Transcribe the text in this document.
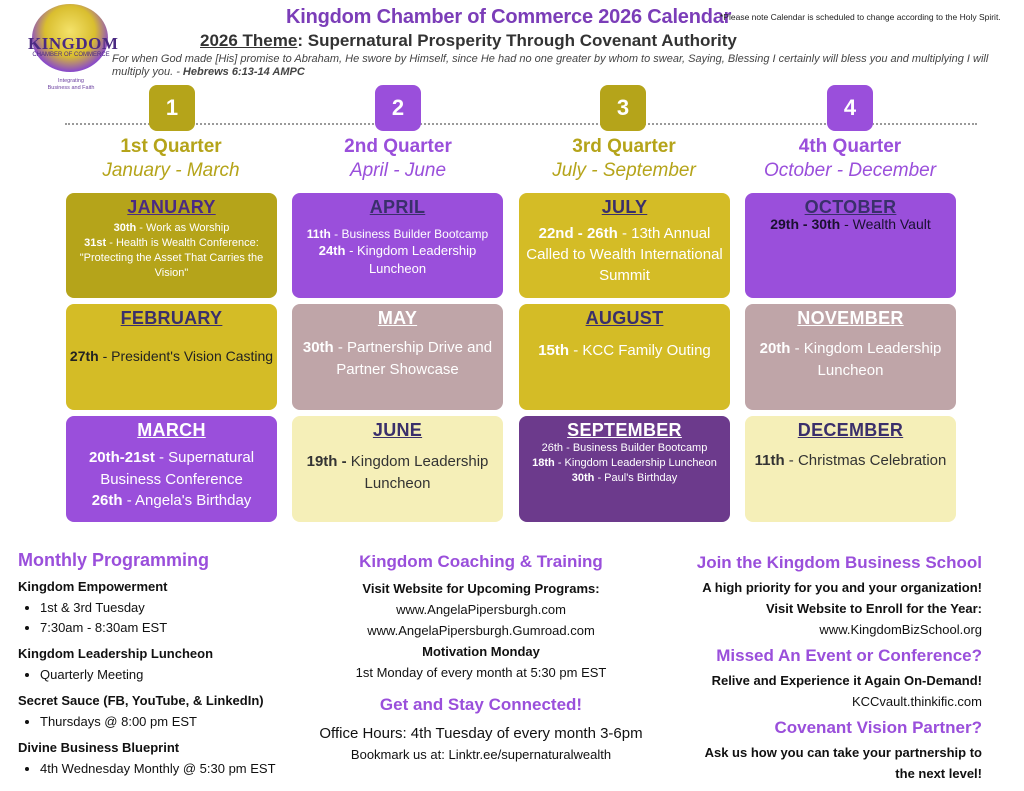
KINGDOM
CHAMBER OF COMMERCE
Integrating
Business and Faith
Kingdom Chamber of Commerce 2026 Calendar
*Please note Calendar is scheduled to change according to the Holy Spirit.
2026 Theme: Supernatural Prosperity Through Covenant Authority
For when God made [His] promise to Abraham, He swore by Himself, since He had no one greater by whom to swear, Saying, Blessing I certainly will bless you and multiplying I will multiply you. - Hebrews 6:13-14 AMPC
1	2	3	4
1st Quarter	2nd Quarter	3rd Quarter	4th Quarter
January - March	April - June	July - September	October - December
JANUARY
30th - Work as Worship
31st - Health is Wealth Conference: "Protecting the Asset That Carries the Vision"
APRIL
11th - Business Builder Bootcamp
24th - Kingdom Leadership Luncheon
JULY
22nd - 26th - 13th Annual Called to Wealth International Summit
OCTOBER
29th - 30th - Wealth Vault
FEBRUARY
27th - President's Vision Casting
MAY
30th - Partnership Drive and Partner Showcase
AUGUST
15th - KCC Family Outing
NOVEMBER
20th - Kingdom Leadership Luncheon
MARCH
20th-21st - Supernatural Business Conference
26th - Angela's Birthday
JUNE
19th - Kingdom Leadership Luncheon
SEPTEMBER
26th - Business Builder Bootcamp
18th - Kingdom Leadership Luncheon
30th - Paul's Birthday
DECEMBER
11th - Christmas Celebration
Monthly Programming
Kingdom Empowerment
• 1st & 3rd Tuesday
• 7:30am - 8:30am EST
Kingdom Leadership Luncheon
• Quarterly Meeting
Secret Sauce (FB, YouTube, & LinkedIn)
• Thursdays @ 8:00 pm EST
Divine Business Blueprint
• 4th Wednesday Monthly @ 5:30 pm EST
Kingdom Coaching & Training
Visit Website for Upcoming Programs:
www.AngelaPipersburgh.com
www.AngelaPipersburgh.Gumroad.com
Motivation Monday
1st Monday of every month at 5:30 pm EST
Get and Stay Connected!
Office Hours: 4th Tuesday of every month 3-6pm
Bookmark us at: Linktr.ee/supernaturalwealth
Join the Kingdom Business School
A high priority for you and your organization!
Visit Website to Enroll for the Year:
www.KingdomBizSchool.org
Missed An Event or Conference?
Relive and Experience it Again On-Demand!
KCCvault.thinkific.com
Covenant Vision Partner?
Ask us how you can take your partnership to
the next level!
